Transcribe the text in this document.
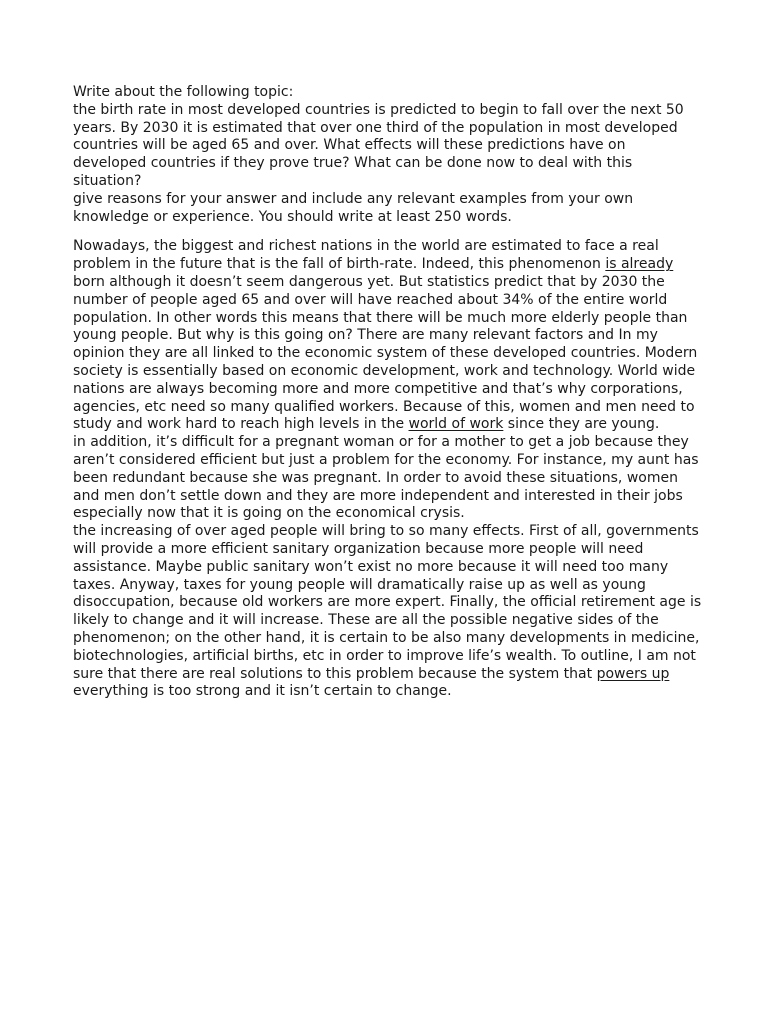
Write about the following topic:
the birth rate in most developed countries is predicted to begin to fall over the next 50 years. By 2030 it is estimated that over one third of the population in most developed countries will be aged 65 and over. What effects will these predictions have on developed countries if they prove true? What can be done now to deal with this situation?
give reasons for your answer and include any relevant examples from your own knowledge or experience. You should write at least 250 words.

Nowadays, the biggest and richest nations in the world are estimated to face a real problem in the future that is the fall of birth-rate. Indeed, this phenomenon is already born although it doesn’t seem dangerous yet. But statistics predict that by 2030 the number of people aged 65 and over will have reached about 34% of the entire world population. In other words this means that there will be much more elderly people than young people. But why is this going on? There are many relevant factors and In my opinion they are all linked to the economic system of these developed countries. Modern society is essentially based on economic development, work and technology. World wide nations are always becoming more and more competitive and that’s why corporations, agencies, etc need so many qualified workers. Because of this, women and men need to study and work hard to reach high levels in the world of work since they are young.

in addition, it’s difficult for a pregnant woman or for a mother to get a job because they aren’t considered efficient but just a problem for the economy. For instance, my aunt has been redundant because she was pregnant. In order to avoid these situations, women and men don’t settle down and they are more independent and interested in their jobs especially now that it is going on the economical crysis.

the increasing of over aged people will bring to so many effects. First of all, governments will provide a more efficient sanitary organization because more people will need assistance. Maybe public sanitary won’t exist no more because it will need too many taxes. Anyway, taxes for young people will dramatically raise up as well as young disoccupation, because old workers are more expert. Finally, the official retirement age is likely to change and it will increase. These are all the possible negative sides of the phenomenon; on the other hand, it is certain to be also many developments in medicine, biotechnologies, artificial births, etc in order to improve life’s wealth. To outline, I am not sure that there are real solutions to this problem because the system that powers up everything is too strong and it isn’t certain to change.
